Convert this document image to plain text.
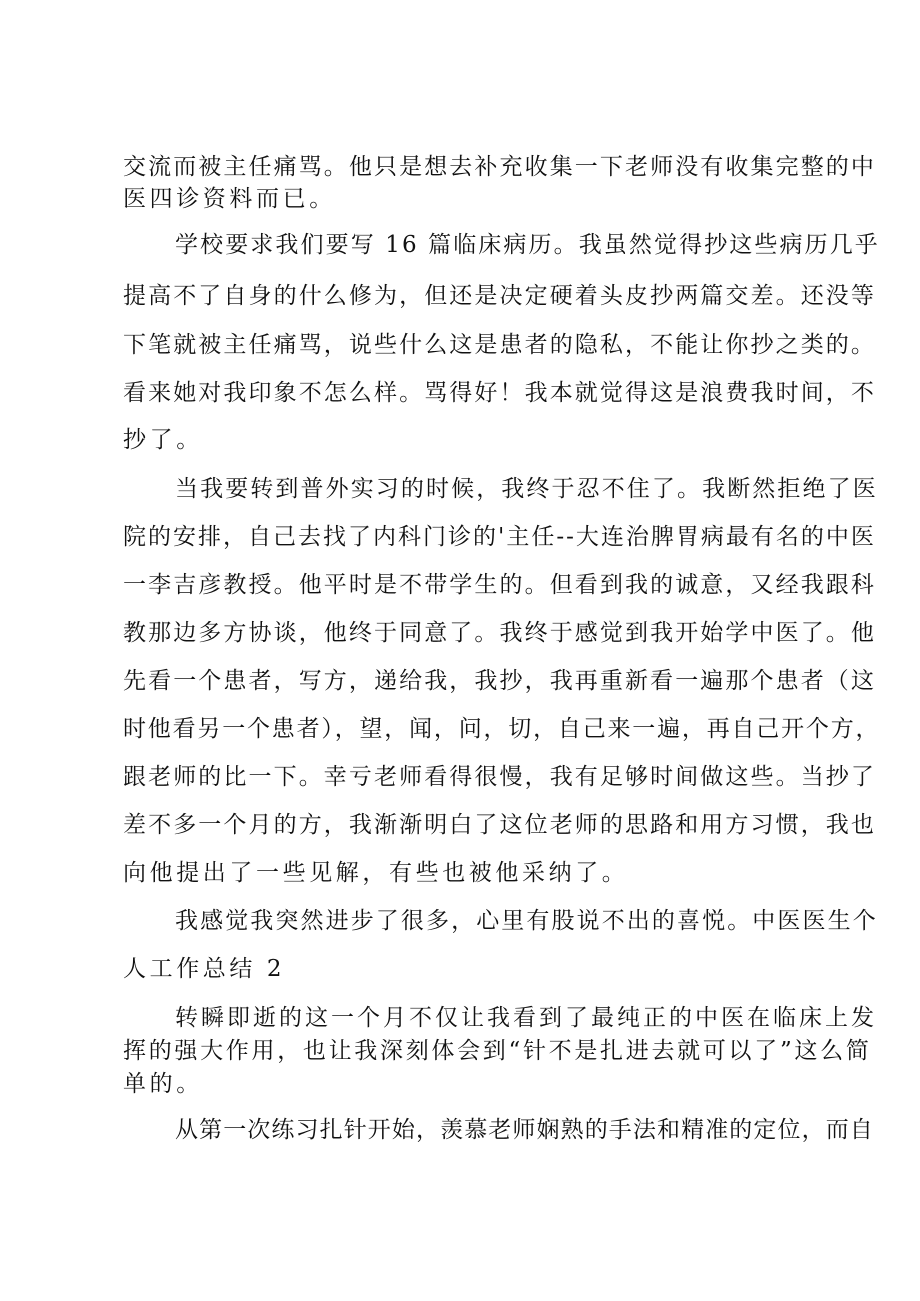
交流而被主任痛骂。他只是想去补充收集一下老师没有收集完整的中
医四诊资料而已。
学校要求我们要写 16 篇临床病历。我虽然觉得抄这些病历几乎
提高不了自身的什么修为，但还是决定硬着头皮抄两篇交差。还没等
下笔就被主任痛骂，说些什么这是患者的隐私，不能让你抄之类的。
看来她对我印象不怎么样。骂得好！我本就觉得这是浪费我时间，不
抄了。
当我要转到普外实习的时候，我终于忍不住了。我断然拒绝了医
院的安排，自己去找了内科门诊的'主任--大连治脾胃病最有名的中医
一李吉彦教授。他平时是不带学生的。但看到我的诚意，又经我跟科
教那边多方协谈，他终于同意了。我终于感觉到我开始学中医了。他
先看一个患者，写方，递给我，我抄，我再重新看一遍那个患者（这
时他看另一个患者），望，闻，问，切，自己来一遍，再自己开个方，
跟老师的比一下。幸亏老师看得很慢，我有足够时间做这些。当抄了
差不多一个月的方，我渐渐明白了这位老师的思路和用方习惯，我也
向他提出了一些见解，有些也被他采纳了。
我感觉我突然进步了很多，心里有股说不出的喜悦。中医医生个
人工作总结 2
转瞬即逝的这一个月不仅让我看到了最纯正的中医在临床上发
挥的强大作用，也让我深刻体会到“针不是扎进去就可以了”这么简
单的。
从第一次练习扎针开始，羡慕老师娴熟的手法和精准的定位，而自
